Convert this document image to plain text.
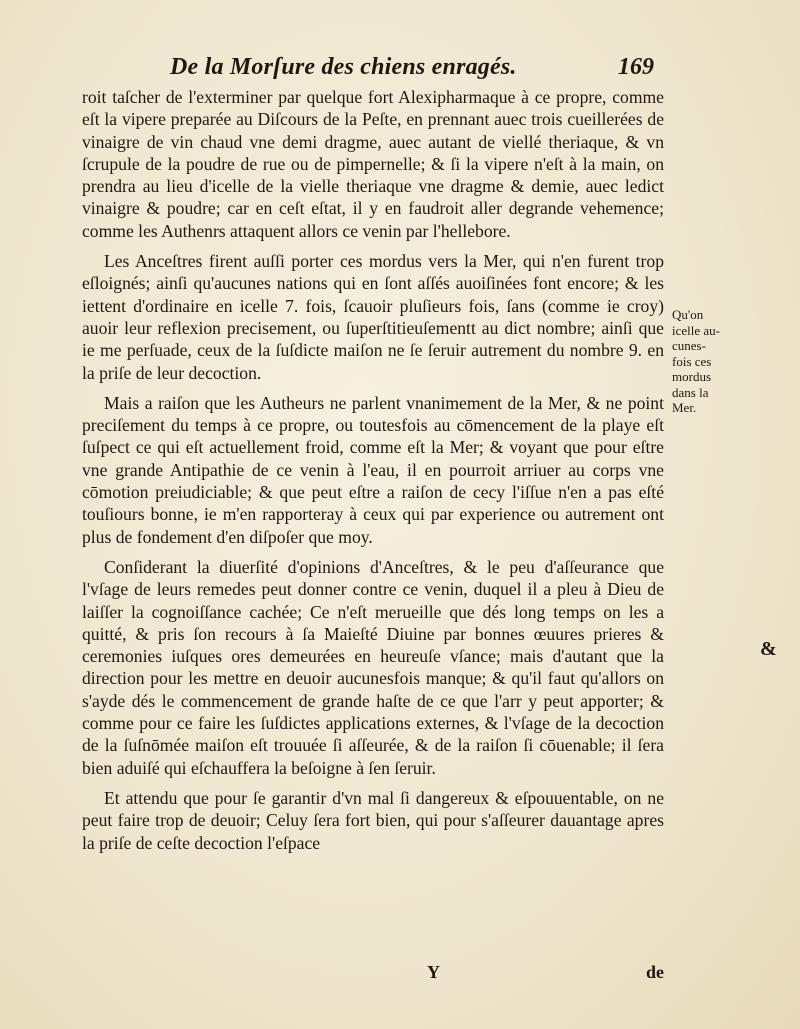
De la Morſure des chiens enragés.	169

roit taſcher de l'exterminer par quelque fort Alexipharmaque à ce propre, comme eſt la vipere preparée au Diſcours de la Peſte, en prennant auec trois cueillerées de vinaigre de vin chaud vne demi dragme, auec autant de viellé theriaque, & vn ſcrupule de la poudre de rue ou de pimpernelle; & ſi la vipere n'eſt à la main, on prendra au lieu d'icelle de la vielle theriaque vne dragme & demie, auec ledict vinaigre & poudre; car en ceſt eſtat, il y en faudroit aller degrande vehemence; comme les Authenrs attaquent allors ce venin par l'hellebore.

Les Anceſtres firent auſſi porter ces mordus vers la Mer, qui n'en furent trop eſloignés; ainſi qu'aucunes nations qui en ſont aſſés auoiſinées font encore; & les iettent d'ordinaire en icelle 7. fois, ſcauoir pluſieurs fois, ſans (comme ie croy) auoir leur reflexion precisement, ou ſuperſtitieuſementt au dict nombre; ainſi que ie me perſuade, ceux de la ſuſdicte maiſon ne ſe ſeruir autrement du nombre 9. en la priſe de leur decoction.

Mais a raiſon que les Autheurs ne parlent vnanimement de la Mer, & ne point preciſement du temps à ce propre, ou toutesfois au cōmencement de la playe eſt ſuſpect ce qui eſt actuellement froid, comme eſt la Mer; & voyant que pour eſtre vne grande Antipathie de ce venin à l'eau, il en pourroit arriuer au corps vne cōmotion preiudiciable; & que peut eſtre a raiſon de cecy l'iſſue n'en a pas eſté touſiours bonne, ie m'en rapporteray à ceux qui par experience ou autrement ont plus de fondement d'en diſpoſer que moy.

Conſiderant la diuerſité d'opinions d'Anceſtres, & le peu d'aſſeurance que l'vſage de leurs remedes peut donner contre ce venin, duquel il a pleu à Dieu de laiſſer la cognoiſſance cachée; Ce n'eſt merueille que dés long temps on les a quitté, & pris ſon recours à ſa Maieſté Diuine par bonnes œuures prieres & ceremonies iuſques ores demeurées en heureuſe vſance; mais d'autant que la direction pour les mettre en deuoir aucunesfois manque; & qu'il faut qu'allors on s'ayde dés le commencement de grande haſte de ce que l'arr y peut apporter; & comme pour ce faire les ſuſdictes applications externes, & l'vſage de la decoction de la ſuſnōmée maiſon eſt trouuée ſi aſſeurée, & de la raiſon ſi cōuenable; il ſera bien aduiſé qui eſchauffera la beſoigne à ſen ſeruir.

Et attendu que pour ſe garantir d'vn mal ſi dangereux & eſpouuentable, on ne peut faire trop de deuoir; Celuy ſera fort bien, qui pour s'aſſeurer dauantage apres la priſe de ceſte decoction l'eſpace

Qu'on
icelle au-
cunes-
fois ces
mordus
dans la
Mer.
&
Y	de
